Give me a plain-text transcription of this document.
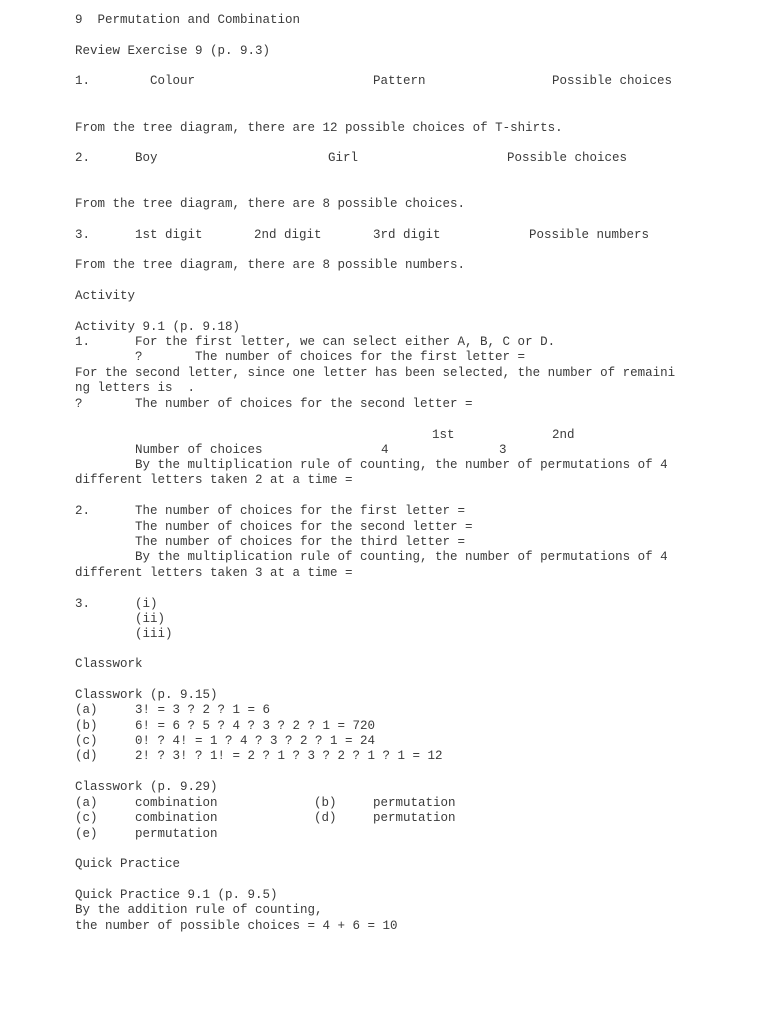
9  Permutation and Combination
Review Exercise 9 (p. 9.3)
1.	Colour	Pattern	Possible choices
From the tree diagram, there are 12 possible choices of T-shirts.
2.	Boy	Girl	Possible choices
From the tree diagram, there are 8 possible choices.
3.	1st digit	2nd digit	3rd digit	Possible numbers
From the tree diagram, there are 8 possible numbers.
Activity
Activity 9.1 (p. 9.18)
1.	For the first letter, we can select either A, B, C or D.
?	The number of choices for the first letter =
For the second letter, since one letter has been selected, the number of remaini
ng letters is  .
?	The number of choices for the second letter =
1st	2nd
Number of choices	4	3
By the multiplication rule of counting, the number of permutations of 4
different letters taken 2 at a time =
2.	The number of choices for the first letter =
The number of choices for the second letter =
The number of choices for the third letter =
By the multiplication rule of counting, the number of permutations of 4
different letters taken 3 at a time =
3.	(i)
(ii)
(iii)
Classwork
Classwork (p. 9.15)
(a)	3! = 3 ? 2 ? 1 = 6
(b)	6! = 6 ? 5 ? 4 ? 3 ? 2 ? 1 = 720
(c)	0! ? 4! = 1 ? 4 ? 3 ? 2 ? 1 = 24
(d)	2! ? 3! ? 1! = 2 ? 1 ? 3 ? 2 ? 1 ? 1 = 12
Classwork (p. 9.29)
(a)	combination	(b)	permutation
(c)	combination	(d)	permutation
(e)	permutation
Quick Practice
Quick Practice 9.1 (p. 9.5)
By the addition rule of counting,
the number of possible choices = 4 + 6 = 10
